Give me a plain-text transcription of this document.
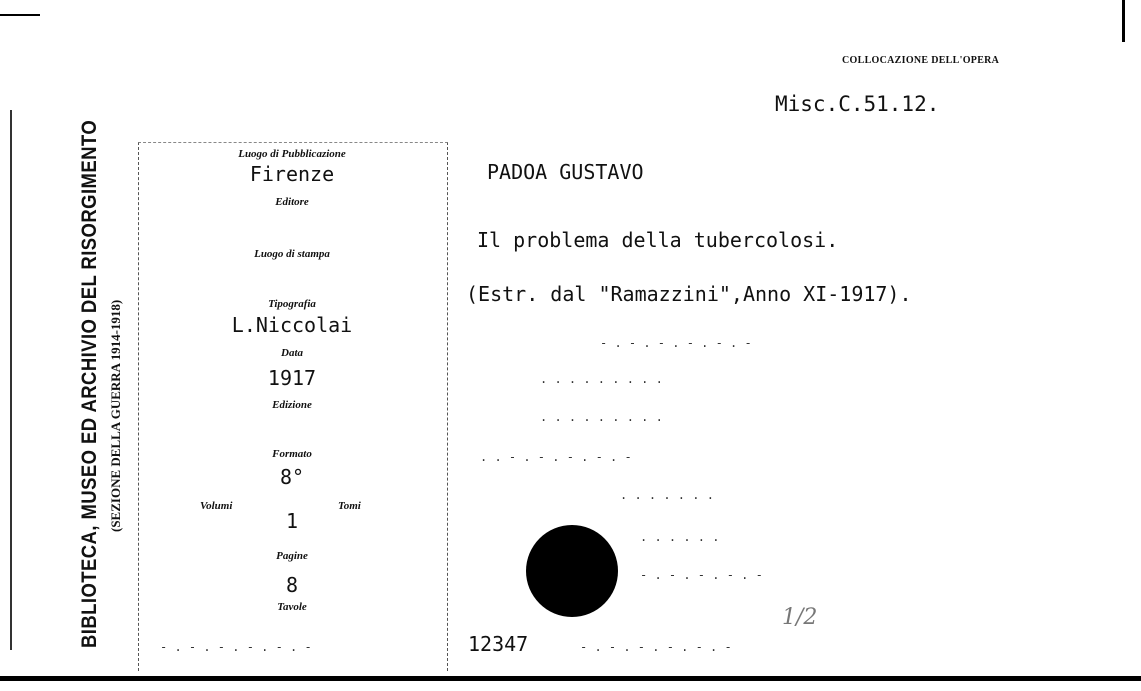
BIBLIOTECA, MUSEO ED ARCHIVIO DEL RISORGIMENTO (SEZIONE DELLA GUERRA 1914-1918)
Luogo di Pubblicazione
Firenze
Editore
Luogo di stampa
Tipografia
L.Niccolai
Data
1917
Edizione
Formato
8°
Volumi	Tomi
1
Pagine
8
Tavole
COLLOCAZIONE DELL'OPERA
Misc.C.51.12.
PADOA GUSTAVO
Il problema della tubercolosi.
(Estr. dal "Ramazzini",Anno XI-1917).
- . - . - . - . - . -
. . . . . . . . .
. . . . . . . . .
. . - . - . - . - . -
. . . . . . .
. . . . . .
- . - . - . - . -
- . - . - . - . - . -	- . - . - . - . - . -
12347
1/2
